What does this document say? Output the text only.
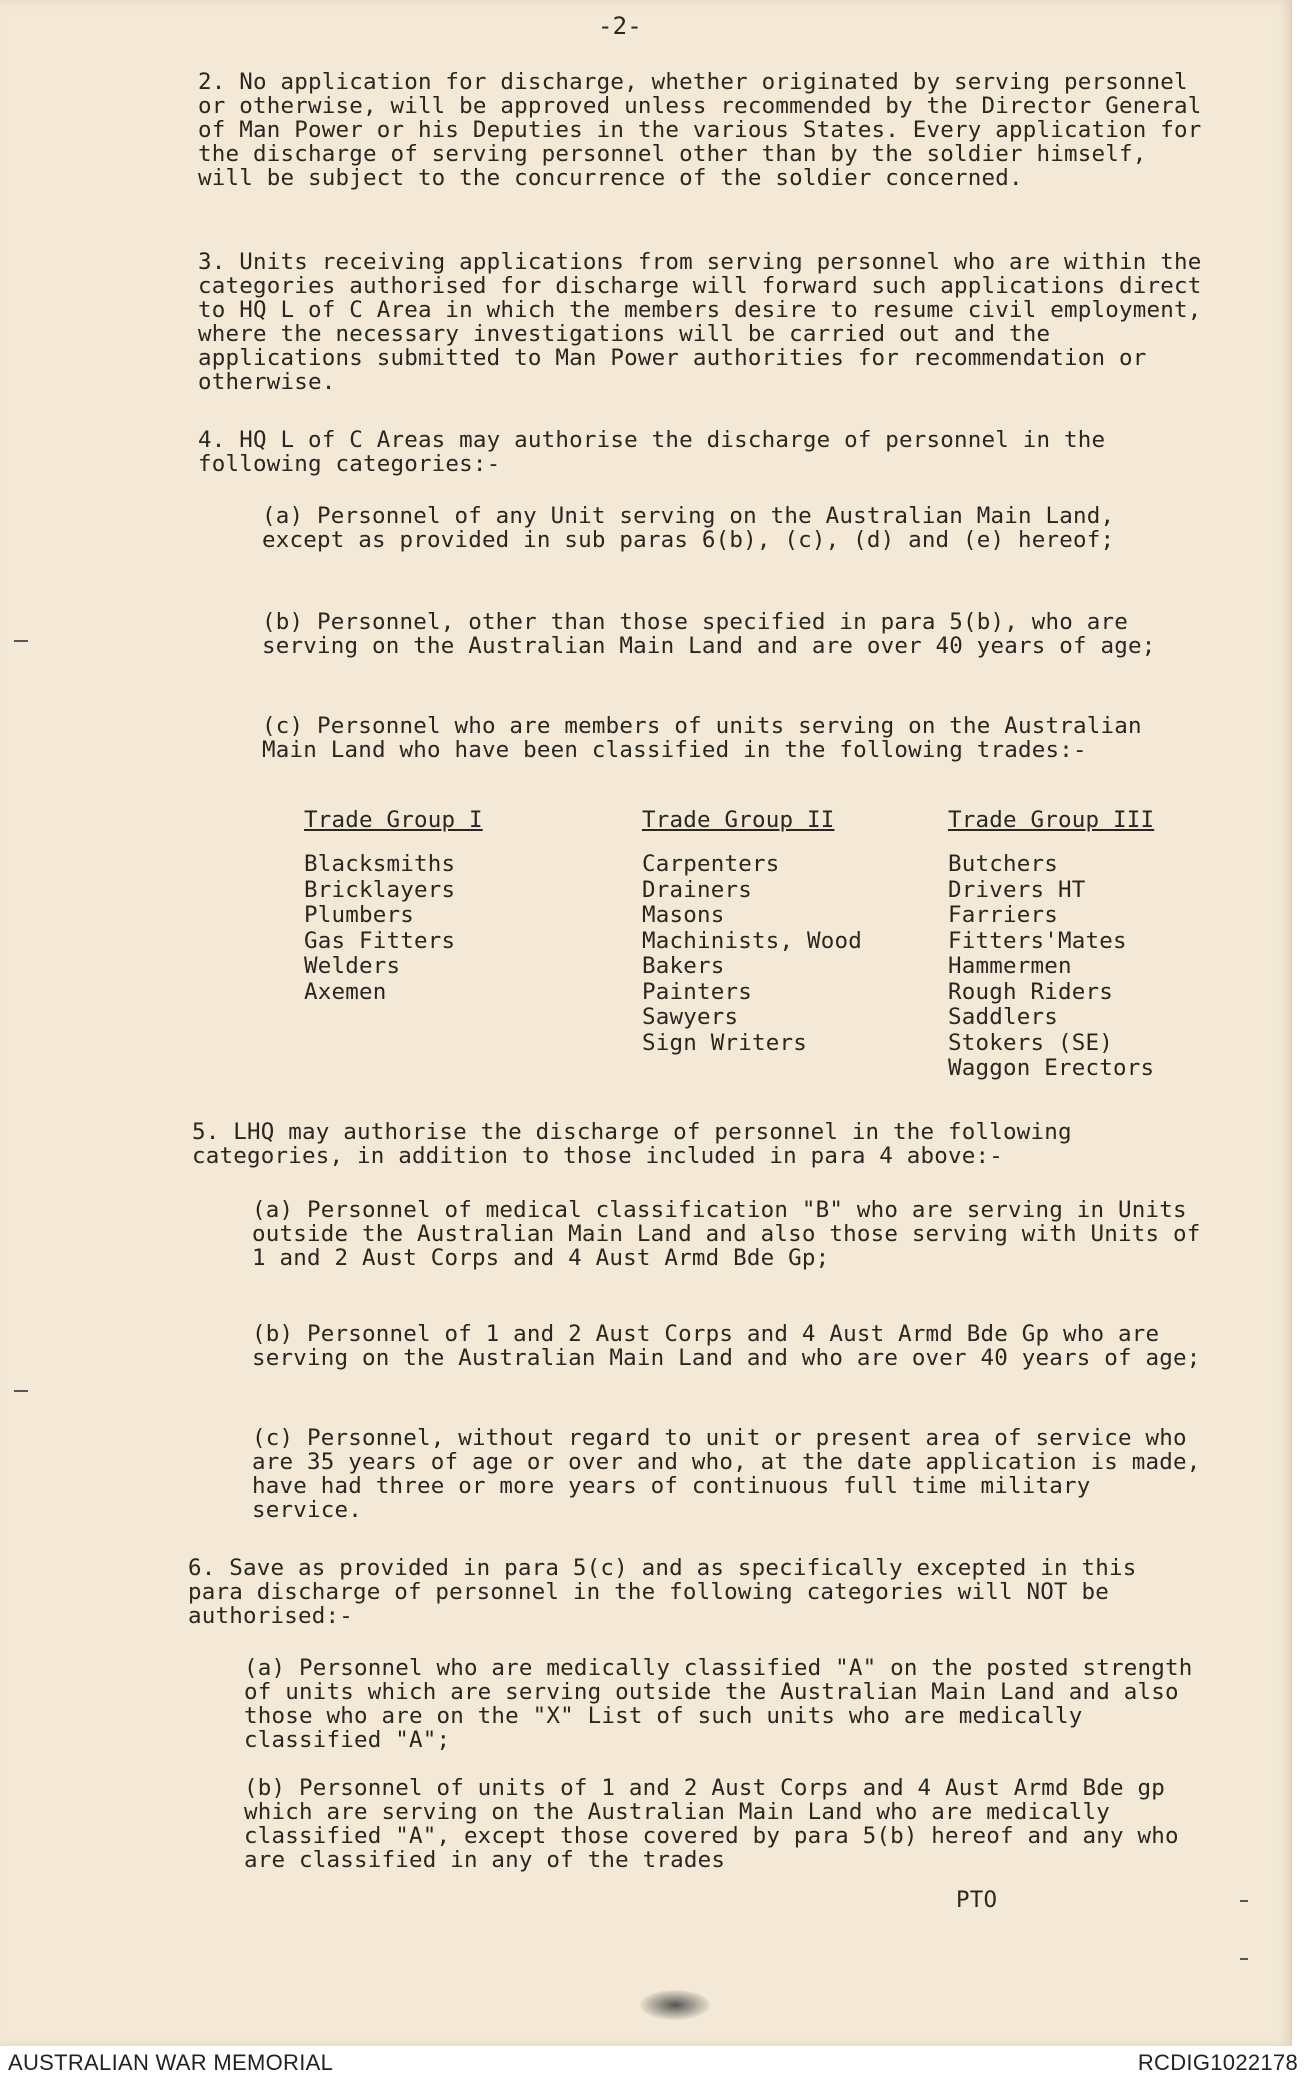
-2-

2. No application for discharge, whether originated by serving personnel or otherwise, will be approved unless recommended by the Director General of Man Power or his Deputies in the various States. Every application for the discharge of serving personnel other than by the soldier himself, will be subject to the concurrence of the soldier concerned.

3. Units receiving applications from serving personnel who are within the categories authorised for discharge will forward such applications direct to HQ L of C Area in which the members desire to resume civil employment, where the necessary investigations will be carried out and the applications submitted to Man Power authorities for recommendation or otherwise.

4. HQ L of C Areas may authorise the discharge of personnel in the following categories:-

(a) Personnel of any Unit serving on the Australian Main Land, except as provided in sub paras 6(b), (c), (d) and (e) hereof;

(b) Personnel, other than those specified in para 5(b), who are serving on the Australian Main Land and are over 40 years of age;

(c) Personnel who are members of units serving on the Australian Main Land who have been classified in the following trades:-

Trade Group I
Blacksmiths
Bricklayers
Plumbers
Gas Fitters
Welders
Axemen
Trade Group II
Carpenters
Drainers
Masons
Machinists, Wood
Bakers
Painters
Sawyers
Sign Writers
Trade Group III
Butchers
Drivers HT
Farriers
Fitters'Mates
Hammermen
Rough Riders
Saddlers
Stokers (SE)
Waggon Erectors

5. LHQ may authorise the discharge of personnel in the following categories, in addition to those included in para 4 above:-

(a) Personnel of medical classification "B" who are serving in Units outside the Australian Main Land and also those serving with Units of 1 and 2 Aust Corps and 4 Aust Armd Bde Gp;

(b) Personnel of 1 and 2 Aust Corps and 4 Aust Armd Bde Gp who are serving on the Australian Main Land and who are over 40 years of age;

(c) Personnel, without regard to unit or present area of service who are 35 years of age or over and who, at the date application is made, have had three or more years of continuous full time military service.

6. Save as provided in para 5(c) and as specifically excepted in this para discharge of personnel in the following categories will NOT be authorised:-

(a) Personnel who are medically classified "A" on the posted strength of units which are serving outside the Australian Main Land and also those who are on the "X" List of such units who are medically classified "A";

(b) Personnel of units of 1 and 2 Aust Corps and 4 Aust Armd Bde gp which are serving on the Australian Main Land who are medically classified "A", except those covered by para 5(b) hereof and any who are classified in any of the trades

PTO
AUSTRALIAN WAR MEMORIAL	RCDIG1022178
